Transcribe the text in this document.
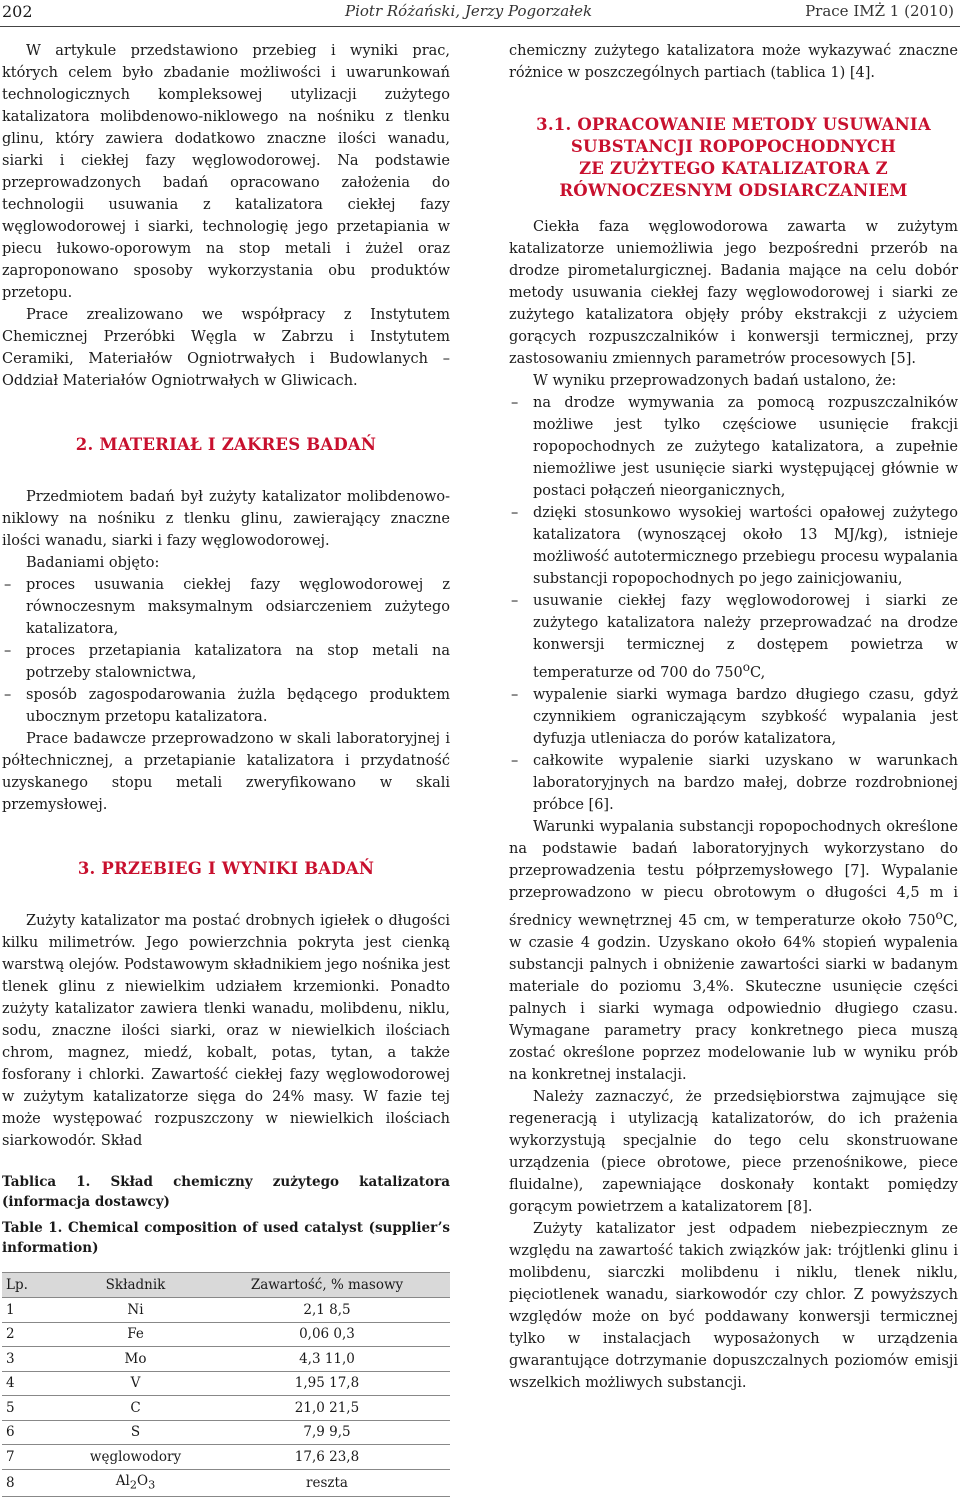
202	Piotr Różański, Jerzy Pogorzałek	Prace IMŻ 1 (2010)

W artykule przedstawiono przebieg i wyniki prac, których celem było zbadanie możliwości i uwarunkowań technologicznych kompleksowej utylizacji zużytego katalizatora molibdenowo-niklowego na nośniku z tlenku glinu, który zawiera dodatkowo znaczne ilości wanadu, siarki i ciekłej fazy węglowodorowej. Na podstawie przeprowadzonych badań opracowano założenia do technologii usuwania z katalizatora ciekłej fazy węglowodorowej i siarki, technologię jego przetapiania w piecu łukowo-oporowym na stop metali i żużel oraz zaproponowano sposoby wykorzystania obu produktów przetopu.

Prace zrealizowano we współpracy z Instytutem Chemicznej Przeróbki Węgla w Zabrzu i Instytutem Ceramiki, Materiałów Ogniotrwałych i Budowlanych – Oddział Materiałów Ogniotrwałych w Gliwicach.

2. MATERIAŁ I ZAKRES BADAŃ

Przedmiotem badań był zużyty katalizator molibdenowo-niklowy na nośniku z tlenku glinu, zawierający znaczne ilości wanadu, siarki i fazy węglowodorowej.

Badaniami objęto:

– proces usuwania ciekłej fazy węglowodorowej z równoczesnym maksymalnym odsiarczeniem zużytego katalizatora,
– proces przetapiania katalizatora na stop metali na potrzeby stalownictwa,
– sposób zagospodarowania żużla będącego produktem ubocznym przetopu katalizatora.

Prace badawcze przeprowadzono w skali laboratoryjnej i półtechnicznej, a przetapianie katalizatora i przydatność uzyskanego stopu metali zweryfikowano w skali przemysłowej.

3. PRZEBIEG I WYNIKI BADAŃ

Zużyty katalizator ma postać drobnych igiełek o długości kilku milimetrów. Jego powierzchnia pokryta jest cienką warstwą olejów. Podstawowym składnikiem jego nośnika jest tlenek glinu z niewielkim udziałem krzemionki. Ponadto zużyty katalizator zawiera tlenki wanadu, molibdenu, niklu, sodu, znaczne ilości siarki, oraz w niewielkich ilościach chrom, magnez, miedź, kobalt, potas, tytan, a także fosforany i chlorki. Zawartość ciekłej fazy węglowodorowej w zużytym katalizatorze sięga do 24% masy. W fazie tej może występować rozpuszczony w niewielkich ilościach siarkowodór. Skład

Tablica 1. Skład chemiczny zużytego katalizatora (informacja dostawcy)

Table 1. Chemical composition of used catalyst (supplier’s information)

Lp.	Składnik	Zawartość, % masowy
1	Ni	2,1 8,5
2	Fe	0,06 0,3
3	Mo	4,3 11,0
4	V	1,95 17,8
5	C	21,0 21,5
6	S	7,9 9,5
7	węglowodory	17,6 23,8
8	$Al_2O_3$	reszta

chemiczny zużytego katalizatora może wykazywać znaczne różnice w poszczególnych partiach (tablica 1) [4].

3.1. OPRACOWANIE METODY USUWANIA
SUBSTANCJI ROPOPOCHODNYCH
ZE ZUŻYTEGO KATALIZATORA Z
RÓWNOCZESNYM ODSIARCZANIEM

Ciekła faza węglowodorowa zawarta w zużytym katalizatorze uniemożliwia jego bezpośredni przerób na drodze pirometalurgicznej. Badania mające na celu dobór metody usuwania ciekłej fazy węglowodorowej i siarki ze zużytego katalizatora objęły próby ekstrakcji z użyciem gorących rozpuszczalników i konwersji termicznej, przy zastosowaniu zmiennych parametrów procesowych [5].

W wyniku przeprowadzonych badań ustalono, że:

– na drodze wymywania za pomocą rozpuszczalników możliwe jest tylko częściowe usunięcie frakcji ropopochodnych ze zużytego katalizatora, a zupełnie niemożliwe jest usunięcie siarki występującej głównie w postaci połączeń nieorganicznych,
– dzięki stosunkowo wysokiej wartości opałowej zużytego katalizatora (wynoszącej około 13 MJ/kg), istnieje możliwość autotermicznego przebiegu procesu wypalania substancji ropopochodnych po jego zainicjowaniu,
– usuwanie ciekłej fazy węglowodorowej i siarki ze zużytego katalizatora należy przeprowadzać na drodze konwersji termicznej z dostępem powietrza w temperaturze od 700 do 750$^o$C,
– wypalenie siarki wymaga bardzo długiego czasu, gdyż czynnikiem ograniczającym szybkość wypalania jest dyfuzja utleniacza do porów katalizatora,
– całkowite wypalenie siarki uzyskano w warunkach laboratoryjnych na bardzo małej, dobrze rozdrobnionej próbce [6].

Warunki wypalania substancji ropopochodnych określone na podstawie badań laboratoryjnych wykorzystano do przeprowadzenia testu półprzemysłowego [7]. Wypalanie przeprowadzono w piecu obrotowym o długości 4,5 m i średnicy wewnętrznej 45 cm, w temperaturze około 750$^o$C, w czasie 4 godzin. Uzyskano około 64% stopień wypalenia substancji palnych i obniżenie zawartości siarki w badanym materiale do poziomu 3,4%. Skuteczne usunięcie części palnych i siarki wymaga odpowiednio długiego czasu. Wymagane parametry pracy konkretnego pieca muszą zostać określone poprzez modelowanie lub w wyniku prób na konkretnej instalacji.

Należy zaznaczyć, że przedsiębiorstwa zajmujące się regeneracją i utylizacją katalizatorów, do ich prażenia wykorzystują specjalnie do tego celu skonstruowane urządzenia (piece obrotowe, piece przenośnikowe, piece fluidalne), zapewniające doskonały kontakt pomiędzy gorącym powietrzem a katalizatorem [8].

Zużyty katalizator jest odpadem niebezpiecznym ze względu na zawartość takich związków jak: trójtlenki glinu i molibdenu, siarczki molibdenu i niklu, tlenek niklu, pięciotlenek wanadu, siarkowodór czy chlor. Z powyższych względów może on być poddawany konwersji termicznej tylko w instalacjach wyposażonych w urządzenia gwarantujące dotrzymanie dopuszczalnych poziomów emisji wszelkich możliwych substancji.
